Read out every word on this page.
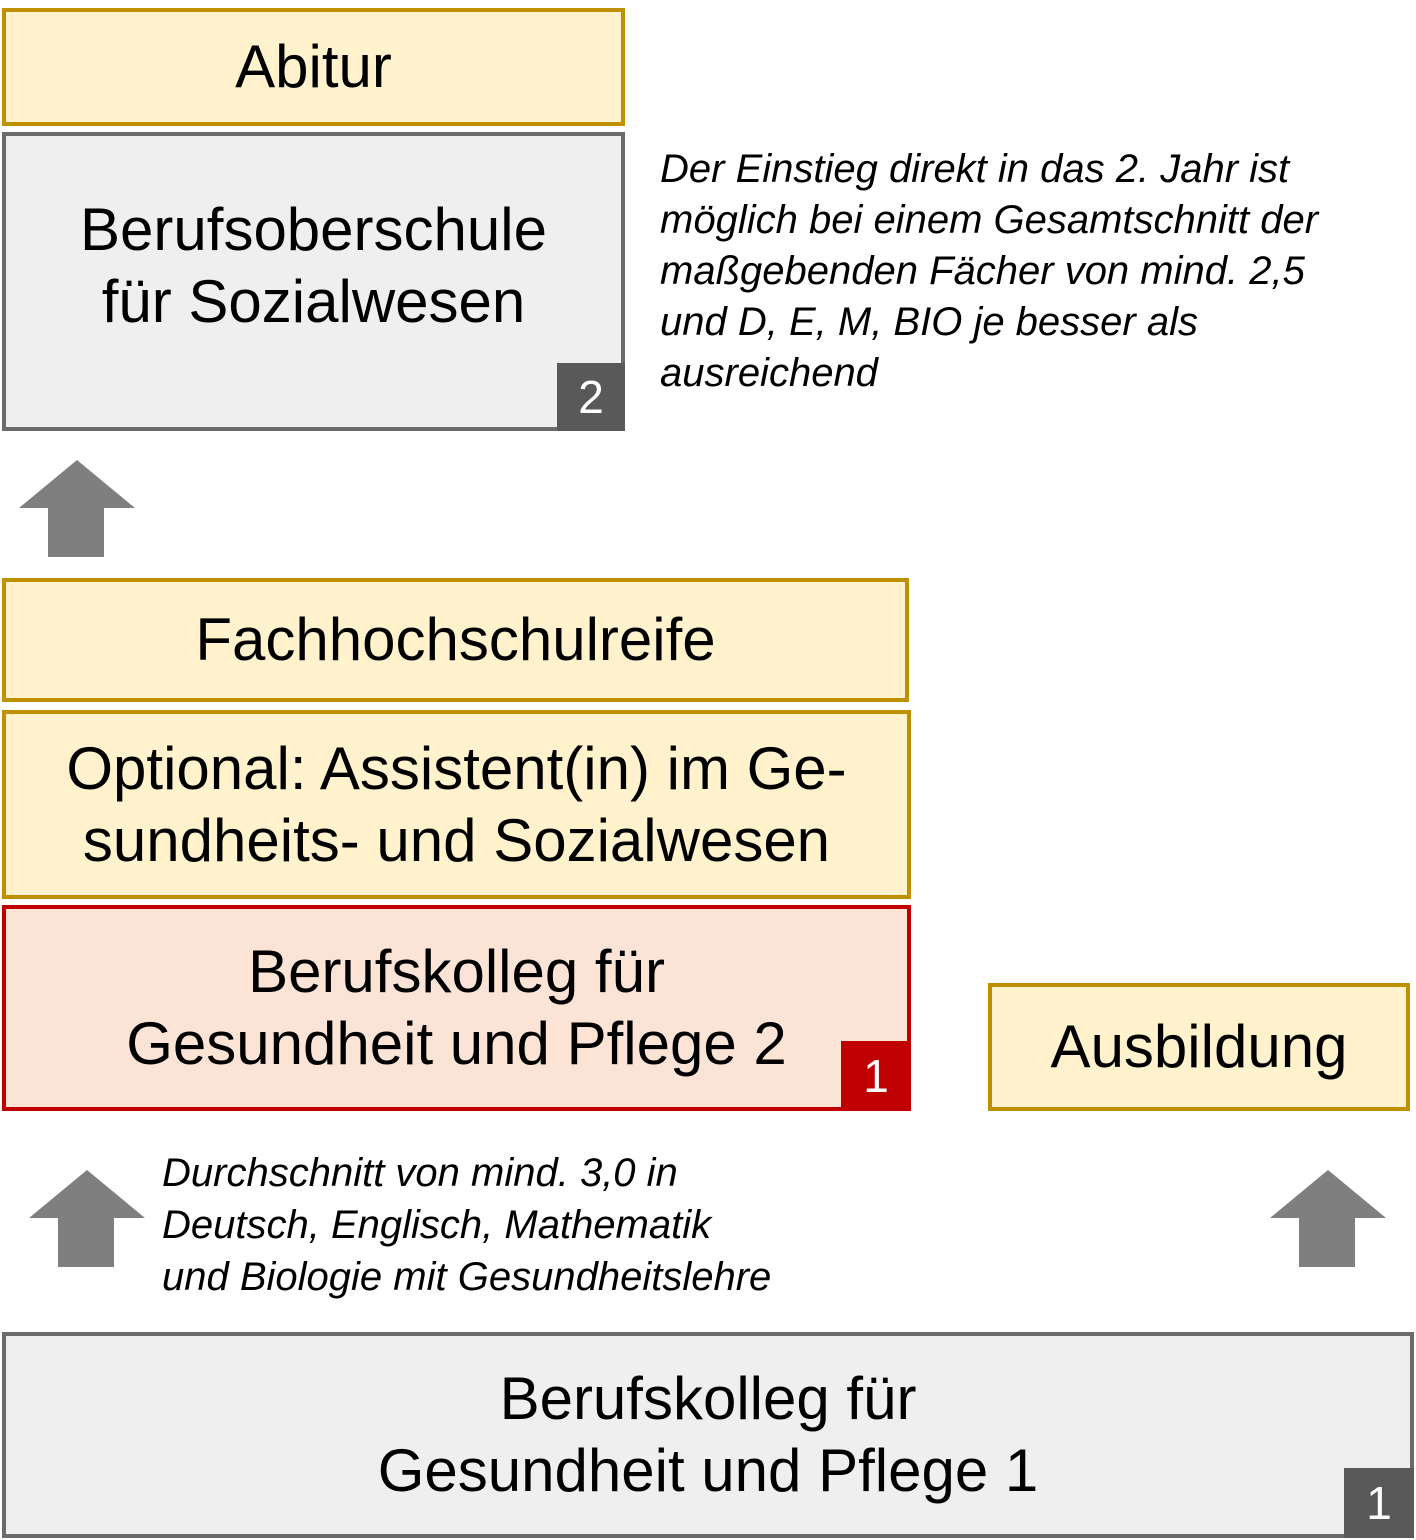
Abitur
Berufsoberschule
für Sozialwesen
2
Der Einstieg direkt in das 2. Jahr ist
möglich bei einem Gesamtschnitt der
maßgebenden Fächer von mind. 2,5
und D, E, M, BIO je besser als
ausreichend
Fachhochschulreife
Optional: Assistent(in) im Ge-
sundheits- und Sozialwesen
Berufskolleg für
Gesundheit und Pflege 2	1	Ausbildung
Durchschnitt von mind. 3,0 in
Deutsch, Englisch, Mathematik
und Biologie mit Gesundheitslehre
Berufskolleg für
Gesundheit und Pflege 1	1
